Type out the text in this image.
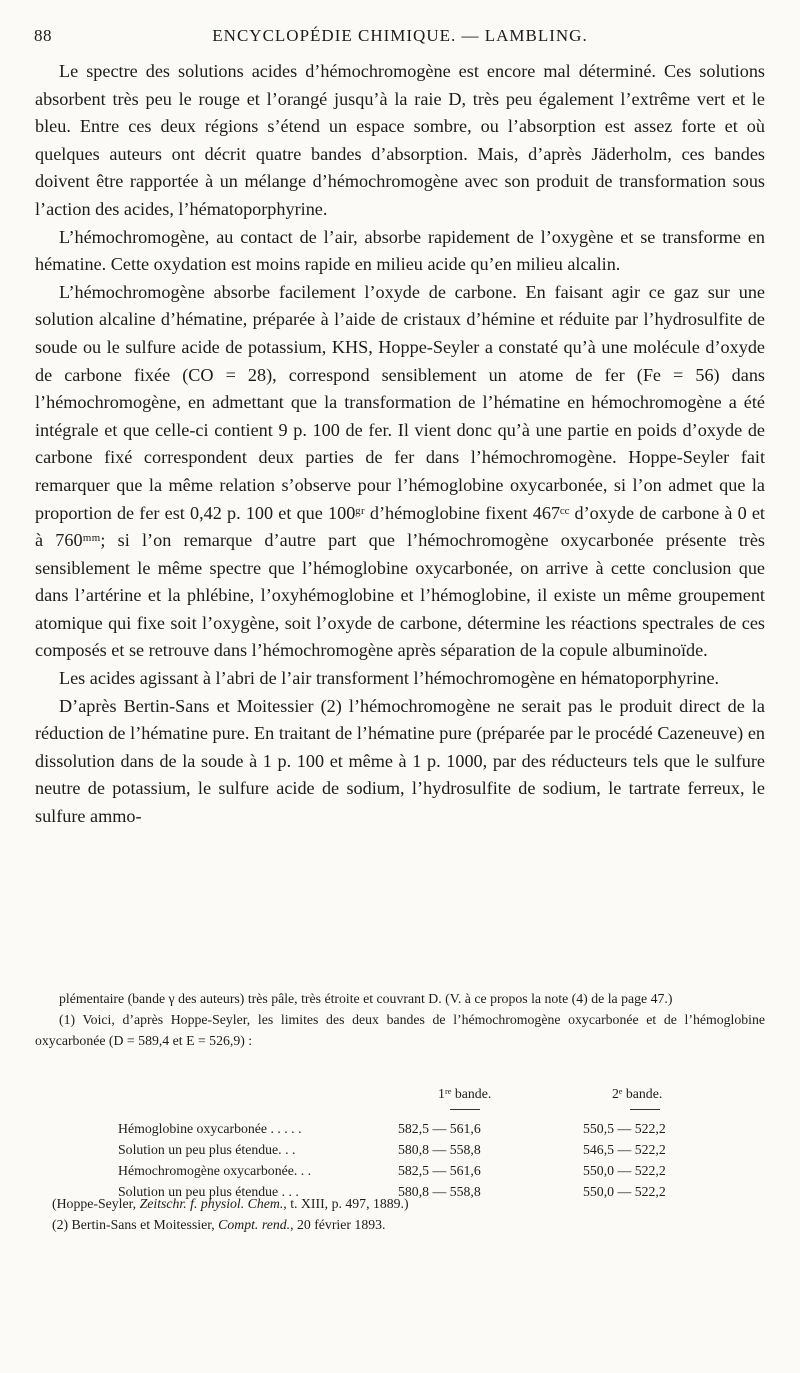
88	ENCYCLOPÉDIE CHIMIQUE. — LAMBLING.

Le spectre des solutions acides d’hémochromogène est encore mal déterminé. Ces solutions absorbent très peu le rouge et l’orangé jusqu’à la raie D, très peu également l’extrême vert et le bleu. Entre ces deux régions s’étend un espace sombre, ou l’absorption est assez forte et où quelques auteurs ont décrit quatre bandes d’absorption. Mais, d’après Jäderholm, ces bandes doivent être rapportée à un mélange d’hémochromogène avec son produit de transformation sous l’action des acides, l’hématoporphyrine.

L’hémochromogène, au contact de l’air, absorbe rapidement de l’oxygène et se transforme en hématine. Cette oxydation est moins rapide en milieu acide qu’en milieu alcalin.

L’hémochromogène absorbe facilement l’oxyde de carbone. En faisant agir ce gaz sur une solution alcaline d’hématine, préparée à l’aide de cristaux d’hémine et réduite par l’hydrosulfite de soude ou le sulfure acide de potassium, KHS, Hoppe-Seyler a constaté qu’à une molécule d’oxyde de carbone fixée (CO = 28), correspond sensiblement un atome de fer (Fe = 56) dans l’hémochromogène, en admettant que la transformation de l’hématine en hémochromogène a été intégrale et que celle-ci contient 9 p. 100 de fer. Il vient donc qu’à une partie en poids d’oxyde de carbone fixé correspondent deux parties de fer dans l’hémochromogène. Hoppe-Seyler fait remarquer que la même relation s’observe pour l’hémoglobine oxycarbonée, si l’on admet que la proportion de fer est 0,42 p. 100 et que 100ᵍʳ d’hémoglobine fixent 467ᶜᶜ d’oxyde de carbone à 0 et à 760ᵐᵐ; si l’on remarque d’autre part que l’hémochromogène oxycarbonée présente très sensiblement le même spectre que l’hémoglobine oxycarbonée, on arrive à cette conclusion que dans l’artérine et la phlébine, l’oxyhémoglobine et l’hémoglobine, il existe un même groupement atomique qui fixe soit l’oxygène, soit l’oxyde de carbone, détermine les réactions spectrales de ces composés et se retrouve dans l’hémochromogène après séparation de la copule albuminoïde.

Les acides agissant à l’abri de l’air transforment l’hémochromogène en hématoporphyrine.

D’après Bertin-Sans et Moitessier (2) l’hémochromogène ne serait pas le produit direct de la réduction de l’hématine pure. En traitant de l’hématine pure (préparée par le procédé Cazeneuve) en dissolution dans de la soude à 1 p. 100 et même à 1 p. 1000, par des réducteurs tels que le sulfure neutre de potassium, le sulfure acide de sodium, l’hydrosulfite de sodium, le tartrate ferreux, le sulfure ammo-

plémentaire (bande γ des auteurs) très pâle, très étroite et couvrant D. (V. à ce propos la note (4) de la page 47.)

(1) Voici, d’après Hoppe-Seyler, les limites des deux bandes de l’hémochromogène oxycarbonée et de l’hémoglobine oxycarbonée (D = 589,4 et E = 526,9) :

1ʳᵉ bande.	2ᵉ bande.
Hémoglobine oxycarbonée . . . . .	582,5 — 561,6	550,5 — 522,2
Solution un peu plus étendue. . .	580,8 — 558,8	546,5 — 522,2
Hémochromogène oxycarbonée. . .	582,5 — 561,6	550,0 — 522,2
Solution un peu plus étendue . . .	580,8 — 558,8	550,0 — 522,2

(Hoppe-Seyler, Zeitschr. f. physiol. Chem., t. XIII, p. 497, 1889.)

(2) Bertin-Sans et Moitessier, Compt. rend., 20 février 1893.
